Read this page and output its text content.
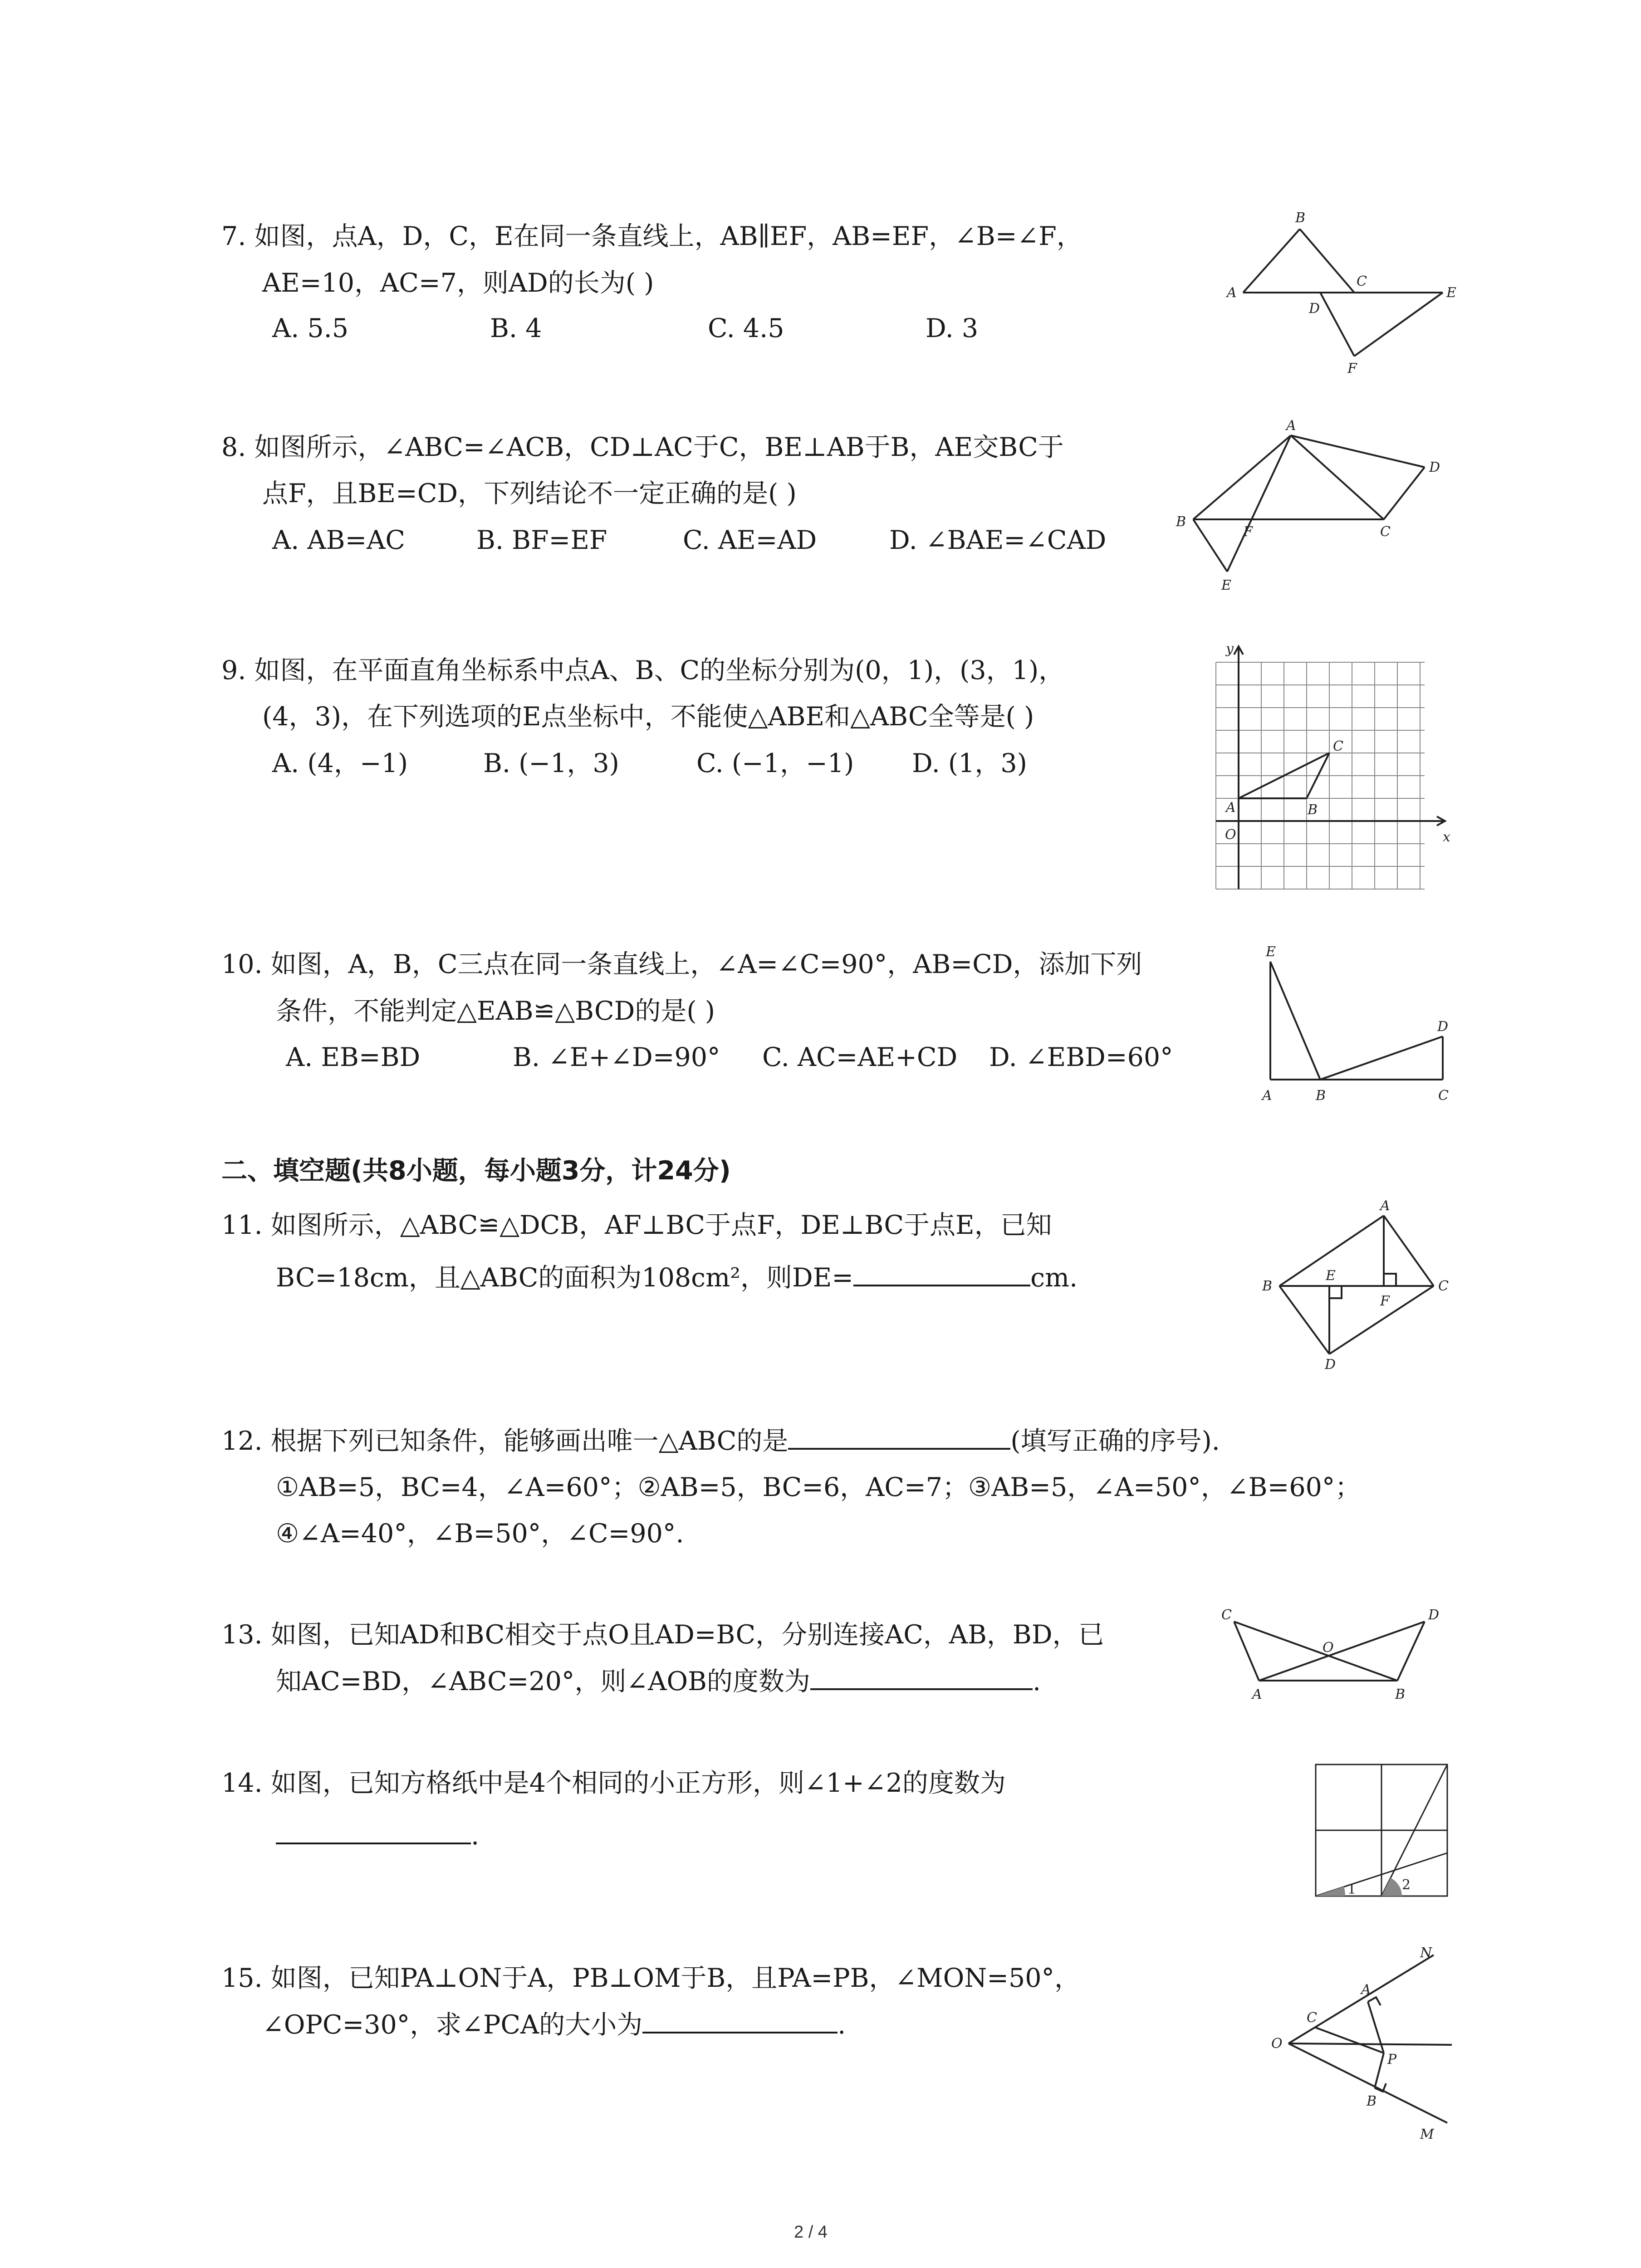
7. 如图，点A，D，C，E在同一条直线上，AB∥EF，AB=EF，∠B=∠F，
AE=10，AC=7，则AD的长为( )
A. 5.5	B. 4	C. 4.5	D. 3
A
B
C
D
E
F
8. 如图所示，∠ABC=∠ACB，CD⊥AC于C，BE⊥AB于B，AE交BC于
点F，且BE=CD，下列结论不一定正确的是( )
A. AB=AC	B. BF=EF	C. AE=AD	D. ∠BAE=∠CAD
A
B
C
D
E
F
9. 如图，在平面直角坐标系中点A、B、C的坐标分别为(0，1)，(3，1)，
(4，3)，在下列选项的E点坐标中，不能使△ABE和△ABC全等是( )
A. (4，−1)	B. (−1，3)	C. (−1，−1) D. (1，3)
y
x
O
A	B
C
10. 如图，A，B，C三点在同一条直线上，∠A=∠C=90°，AB=CD，添加下列
条件，不能判定△EAB≌△BCD的是( )
A. EB=BD	B. ∠E+∠D=90° C. AC=AE+CD D. ∠EBD=60°
E
D
A	B	C
二、填空题(共8小题，每小题3分，计24分)
11. 如图所示，△ABC≌△DCB，AF⊥BC于点F，DE⊥BC于点E，已知
BC=18cm，且△ABC的面积为108cm²，则DE=	cm.
A
B	C
D
E
F
12. 根据下列已知条件，能够画出唯一△ABC的是	(填写正确的序号).
①AB=5，BC=4，∠A=60°；②AB=5，BC=6，AC=7；③AB=5，∠A=50°，∠B=60°；
④∠A=40°，∠B=50°，∠C=90°.
13. 如图，已知AD和BC相交于点O且AD=BC，分别连接AC，AB，BD，已
知AC=BD，∠ABC=20°，则∠AOB的度数为	.
C	D
O
A	B
14. 如图，已知方格纸中是4个相同的小正方形，则∠1+∠2的度数为
.
1	2
15. 如图，已知PA⊥ON于A，PB⊥OM于B，且PA=PB，∠MON=50°，
∠OPC=30°，求∠PCA的大小为	.
N
A
C
O
P
B
M
2 / 4
